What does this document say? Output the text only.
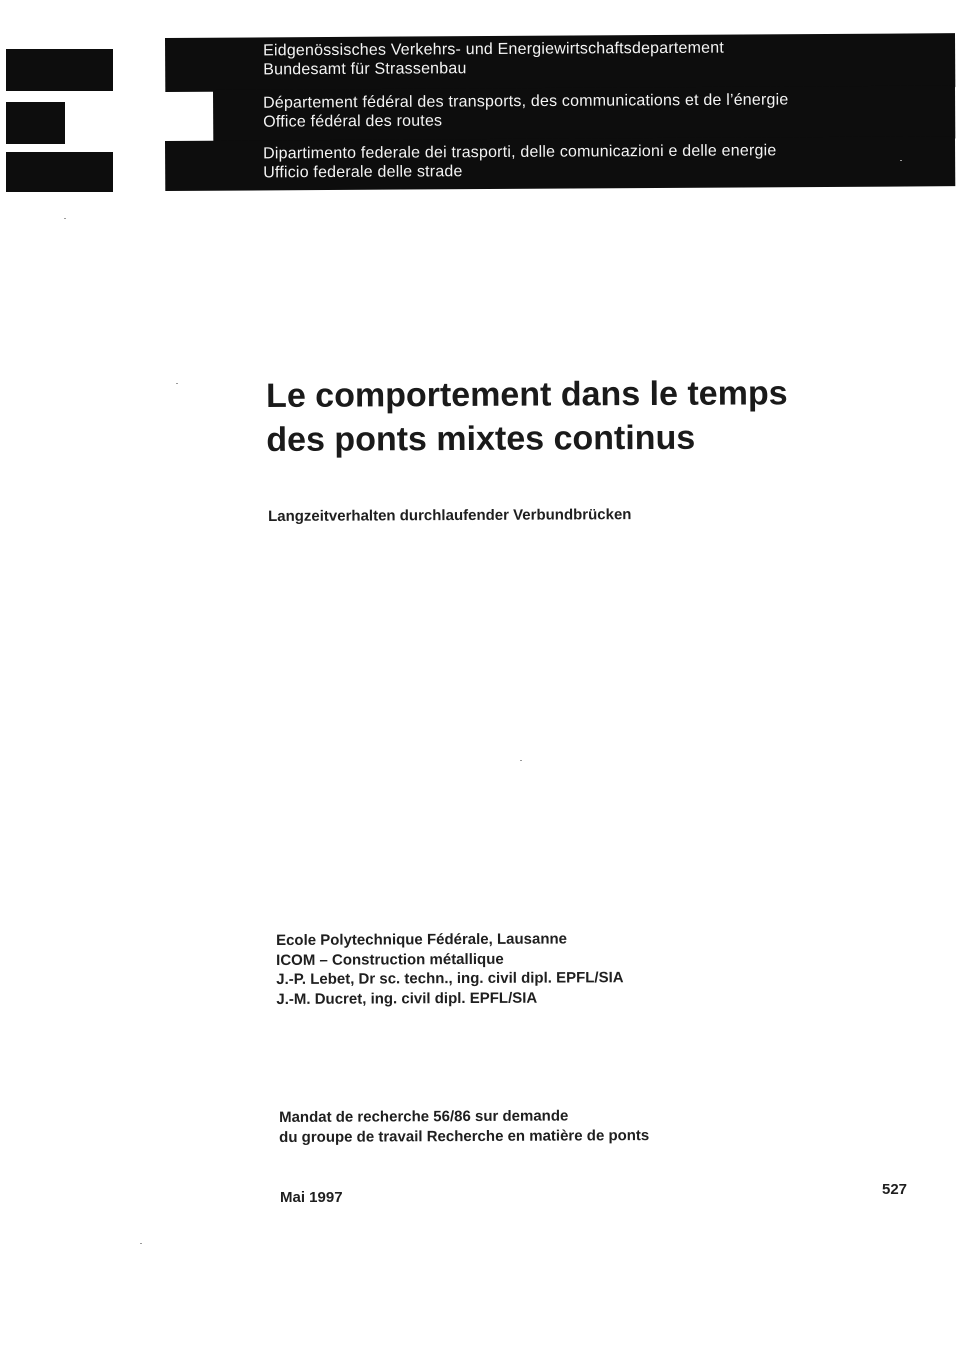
Eidgenössisches Verkehrs- und Energiewirtschaftsdepartement
Bundesamt für Strassenbau
Département fédéral des transports, des communications et de l’énergie
Office fédéral des routes
Dipartimento federale dei trasporti, delle comunicazioni e delle energie
Ufficio federale delle strade
Le comportement dans le temps
des ponts mixtes continus
Langzeitverhalten durchlaufender Verbundbrücken
Ecole Polytechnique Fédérale, Lausanne
ICOM – Construction métallique
J.-P. Lebet, Dr sc. techn., ing. civil dipl. EPFL/SIA
J.-M. Ducret, ing. civil dipl. EPFL/SIA
Mandat de recherche 56/86 sur demande
du groupe de travail Recherche en matière de ponts
Mai 1997	527
